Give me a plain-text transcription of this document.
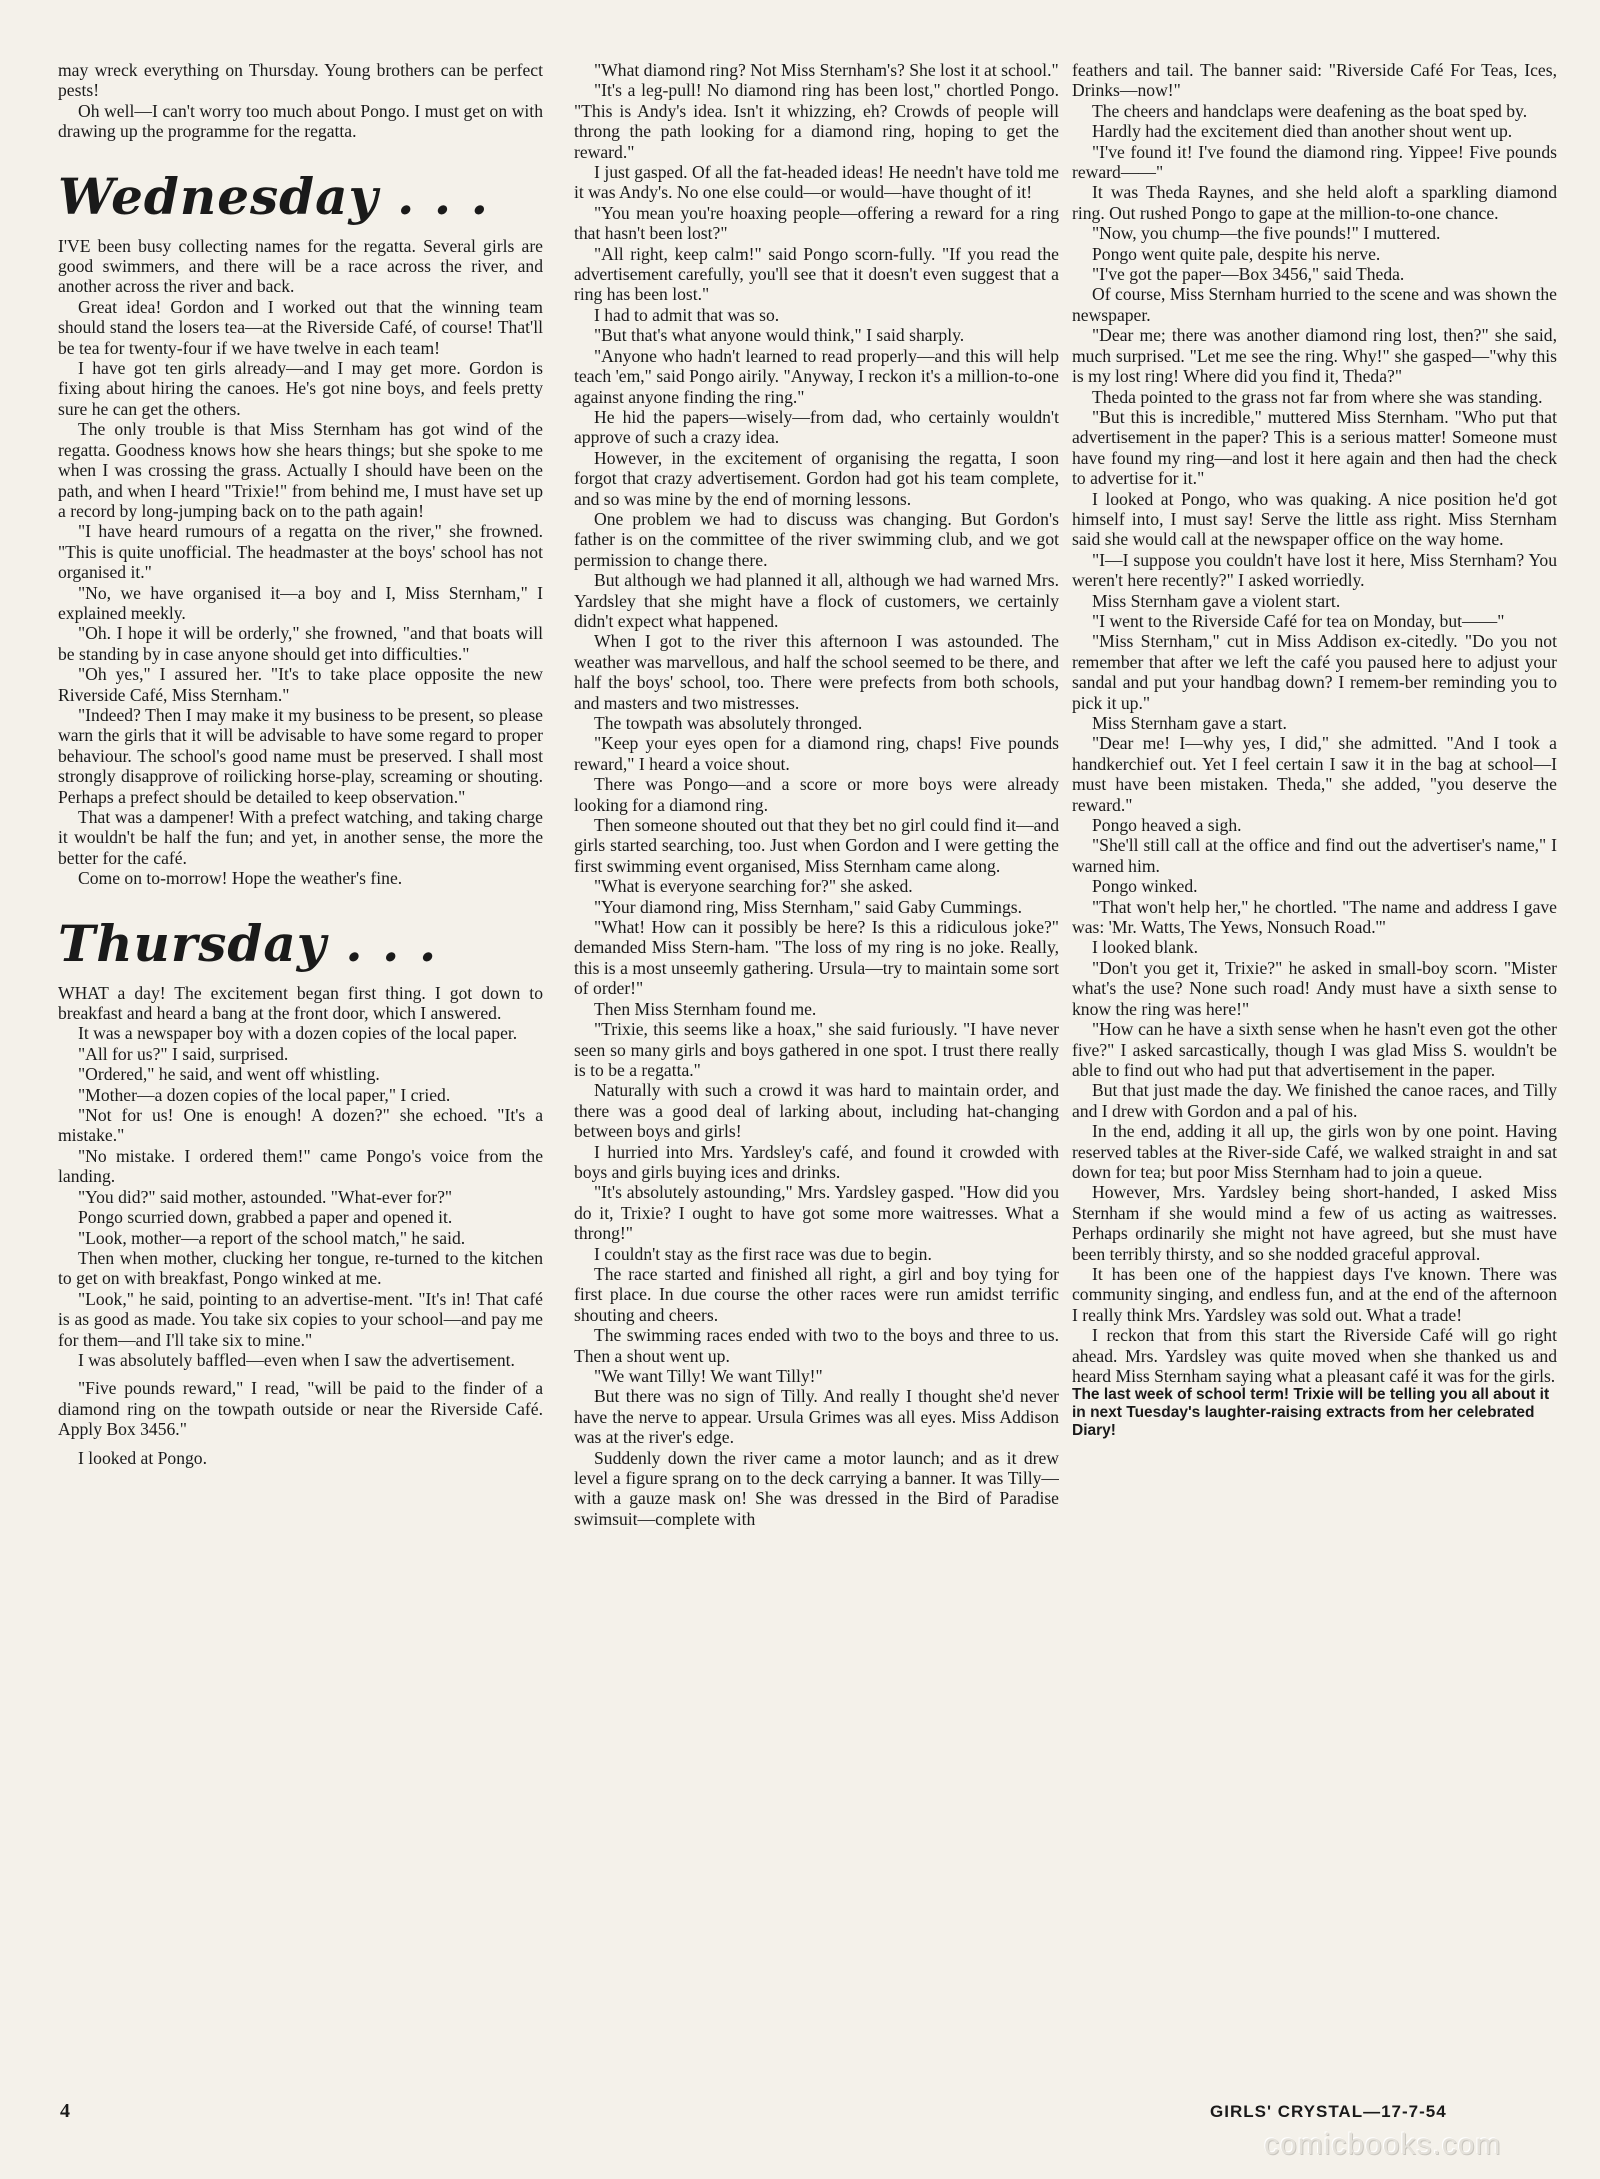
may wreck everything on Thursday. Young brothers can be perfect pests!

Oh well—I can't worry too much about Pongo. I must get on with drawing up the programme for the regatta.

Wednesday . . .

I'VE been busy collecting names for the regatta. Several girls are good swimmers, and there will be a race across the river, and another across the river and back.

Great idea! Gordon and I worked out that the winning team should stand the losers tea—at the Riverside Café, of course! That'll be tea for twenty-four if we have twelve in each team!

I have got ten girls already—and I may get more. Gordon is fixing about hiring the canoes. He's got nine boys, and feels pretty sure he can get the others.

The only trouble is that Miss Sternham has got wind of the regatta. Goodness knows how she hears things; but she spoke to me when I was crossing the grass. Actually I should have been on the path, and when I heard "Trixie!" from behind me, I must have set up a record by long-jumping back on to the path again!

"I have heard rumours of a regatta on the river," she frowned. "This is quite unofficial. The headmaster at the boys' school has not organised it."

"No, we have organised it—a boy and I, Miss Sternham," I explained meekly.

"Oh. I hope it will be orderly," she frowned, "and that boats will be standing by in case anyone should get into difficulties."

"Oh yes," I assured her. "It's to take place opposite the new Riverside Café, Miss Sternham."

"Indeed? Then I may make it my business to be present, so please warn the girls that it will be advisable to have some regard to proper behaviour. The school's good name must be preserved. I shall most strongly disapprove of roilicking horse-play, screaming or shouting. Perhaps a prefect should be detailed to keep observation."

That was a dampener! With a prefect watching, and taking charge it wouldn't be half the fun; and yet, in another sense, the more the better for the café.

Come on to-morrow! Hope the weather's fine.

Thursday . . .

WHAT a day! The excitement began first thing. I got down to breakfast and heard a bang at the front door, which I answered.

It was a newspaper boy with a dozen copies of the local paper.

"All for us?" I said, surprised.

"Ordered," he said, and went off whistling.

"Mother—a dozen copies of the local paper," I cried.

"Not for us! One is enough! A dozen?" she echoed. "It's a mistake."

"No mistake. I ordered them!" came Pongo's voice from the landing.

"You did?" said mother, astounded. "What-ever for?"

Pongo scurried down, grabbed a paper and opened it.

"Look, mother—a report of the school match," he said.

Then when mother, clucking her tongue, re-turned to the kitchen to get on with breakfast, Pongo winked at me.

"Look," he said, pointing to an advertise-ment. "It's in! That café is as good as made. You take six copies to your school—and pay me for them—and I'll take six to mine."

I was absolutely baffled—even when I saw the advertisement.

"Five pounds reward," I read, "will be paid to the finder of a diamond ring on the towpath outside or near the Riverside Café. Apply Box 3456."

I looked at Pongo.

"What diamond ring? Not Miss Sternham's? She lost it at school."

"It's a leg-pull! No diamond ring has been lost," chortled Pongo. "This is Andy's idea. Isn't it whizzing, eh? Crowds of people will throng the path looking for a diamond ring, hoping to get the reward."

I just gasped. Of all the fat-headed ideas! He needn't have told me it was Andy's. No one else could—or would—have thought of it!

"You mean you're hoaxing people—offering a reward for a ring that hasn't been lost?"

"All right, keep calm!" said Pongo scorn-fully. "If you read the advertisement carefully, you'll see that it doesn't even suggest that a ring has been lost."

I had to admit that was so.

"But that's what anyone would think," I said sharply.

"Anyone who hadn't learned to read properly—and this will help teach 'em," said Pongo airily. "Anyway, I reckon it's a million-to-one against anyone finding the ring."

He hid the papers—wisely—from dad, who certainly wouldn't approve of such a crazy idea.

However, in the excitement of organising the regatta, I soon forgot that crazy advertisement. Gordon had got his team complete, and so was mine by the end of morning lessons.

One problem we had to discuss was changing. But Gordon's father is on the committee of the river swimming club, and we got permission to change there.

But although we had planned it all, although we had warned Mrs. Yardsley that she might have a flock of customers, we certainly didn't expect what happened.

When I got to the river this afternoon I was astounded. The weather was marvellous, and half the school seemed to be there, and half the boys' school, too. There were prefects from both schools, and masters and two mistresses.

The towpath was absolutely thronged.

"Keep your eyes open for a diamond ring, chaps! Five pounds reward," I heard a voice shout.

There was Pongo—and a score or more boys were already looking for a diamond ring.

Then someone shouted out that they bet no girl could find it—and girls started searching, too. Just when Gordon and I were getting the first swimming event organised, Miss Sternham came along.

"What is everyone searching for?" she asked.

"Your diamond ring, Miss Sternham," said Gaby Cummings.

"What! How can it possibly be here? Is this a ridiculous joke?" demanded Miss Stern-ham. "The loss of my ring is no joke. Really, this is a most unseemly gathering. Ursula—try to maintain some sort of order!"

Then Miss Sternham found me.

"Trixie, this seems like a hoax," she said furiously. "I have never seen so many girls and boys gathered in one spot. I trust there really is to be a regatta."

Naturally with such a crowd it was hard to maintain order, and there was a good deal of larking about, including hat-changing between boys and girls!

I hurried into Mrs. Yardsley's café, and found it crowded with boys and girls buying ices and drinks.

"It's absolutely astounding," Mrs. Yardsley gasped. "How did you do it, Trixie? I ought to have got some more waitresses. What a throng!"

I couldn't stay as the first race was due to begin.

The race started and finished all right, a girl and boy tying for first place. In due course the other races were run amidst terrific shouting and cheers.

The swimming races ended with two to the boys and three to us. Then a shout went up.

"We want Tilly! We want Tilly!"

But there was no sign of Tilly. And really I thought she'd never have the nerve to appear. Ursula Grimes was all eyes. Miss Addison was at the river's edge.

Suddenly down the river came a motor launch; and as it drew level a figure sprang on to the deck carrying a banner. It was Tilly—with a gauze mask on! She was dressed in the Bird of Paradise swimsuit—complete with

feathers and tail. The banner said: "Riverside Café For Teas, Ices, Drinks—now!"

The cheers and handclaps were deafening as the boat sped by.

Hardly had the excitement died than another shout went up.

"I've found it! I've found the diamond ring. Yippee! Five pounds reward——"

It was Theda Raynes, and she held aloft a sparkling diamond ring. Out rushed Pongo to gape at the million-to-one chance.

"Now, you chump—the five pounds!" I muttered.

Pongo went quite pale, despite his nerve.

"I've got the paper—Box 3456," said Theda.

Of course, Miss Sternham hurried to the scene and was shown the newspaper.

"Dear me; there was another diamond ring lost, then?" she said, much surprised. "Let me see the ring. Why!" she gasped—"why this is my lost ring! Where did you find it, Theda?"

Theda pointed to the grass not far from where she was standing.

"But this is incredible," muttered Miss Sternham. "Who put that advertisement in the paper? This is a serious matter! Someone must have found my ring—and lost it here again and then had the check to advertise for it."

I looked at Pongo, who was quaking. A nice position he'd got himself into, I must say! Serve the little ass right. Miss Sternham said she would call at the newspaper office on the way home.

"I—I suppose you couldn't have lost it here, Miss Sternham? You weren't here recently?" I asked worriedly.

Miss Sternham gave a violent start.

"I went to the Riverside Café for tea on Monday, but——"

"Miss Sternham," cut in Miss Addison ex-citedly. "Do you not remember that after we left the café you paused here to adjust your sandal and put your handbag down? I remem-ber reminding you to pick it up."

Miss Sternham gave a start.

"Dear me! I—why yes, I did," she admitted. "And I took a handkerchief out. Yet I feel certain I saw it in the bag at school—I must have been mistaken. Theda," she added, "you deserve the reward."

Pongo heaved a sigh.

"She'll still call at the office and find out the advertiser's name," I warned him.

Pongo winked.

"That won't help her," he chortled. "The name and address I gave was: 'Mr. Watts, The Yews, Nonsuch Road.'"

I looked blank.

"Don't you get it, Trixie?" he asked in small-boy scorn. "Mister what's the use? None such road! Andy must have a sixth sense to know the ring was here!"

"How can he have a sixth sense when he hasn't even got the other five?" I asked sarcastically, though I was glad Miss S. wouldn't be able to find out who had put that advertisement in the paper.

But that just made the day. We finished the canoe races, and Tilly and I drew with Gordon and a pal of his.

In the end, adding it all up, the girls won by one point. Having reserved tables at the River-side Café, we walked straight in and sat down for tea; but poor Miss Sternham had to join a queue.

However, Mrs. Yardsley being short-handed, I asked Miss Sternham if she would mind a few of us acting as waitresses. Perhaps ordinarily she might not have agreed, but she must have been terribly thirsty, and so she nodded graceful approval.

It has been one of the happiest days I've known. There was community singing, and endless fun, and at the end of the afternoon I really think Mrs. Yardsley was sold out. What a trade!

I reckon that from this start the Riverside Café will go right ahead. Mrs. Yardsley was quite moved when she thanked us and heard Miss Sternham saying what a pleasant café it was for the girls.

The last week of school term! Trixie will be telling you all about it in next Tuesday's laughter-raising extracts from her celebrated Diary!

4	GIRLS' CRYSTAL—17-7-54
comicbooks.com
